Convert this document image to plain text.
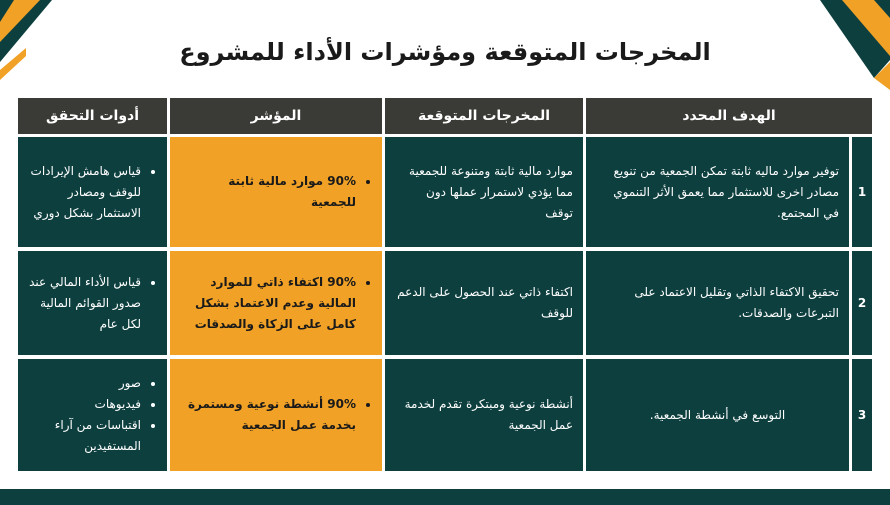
المخرجات المتوقعة ومؤشرات الأداء للمشروع
الهدف المحدد
المخرجات المتوقعة
المؤشر
أدوات التحقق
1
توفير موارد ماليه ثابتة تمكن الجمعية من تنويع مصادر اخرى للاستثمار مما يعمق الأثر التنموي في المجتمع.
موارد مالية ثابتة ومتنوعة للجمعية مما يؤدي لاستمرار عملها دون توقف
• 90% موارد مالية ثابتة للجمعية
• قياس هامش الإيرادات للوقف ومصادر الاستثمار بشكل دوري
2
تحقيق الاكتفاء الذاتي وتقليل الاعتماد على التبرعات والصدقات.
اكتفاء ذاتي عند الحصول على الدعم للوقف
• 90% اكتفاء ذاتي للموارد المالية وعدم الاعتماد بشكل كامل على الزكاة والصدقات
• قياس الأداء المالي عند صدور القوائم المالية لكل عام
3
التوسع في أنشطة الجمعية.
أنشطة نوعية ومبتكرة تقدم لخدمة عمل الجمعية
• 90% أنشطة نوعية ومستمرة بخدمة عمل الجمعية
• صور
• فيديوهات
• اقتباسات من آراء المستفيدين
